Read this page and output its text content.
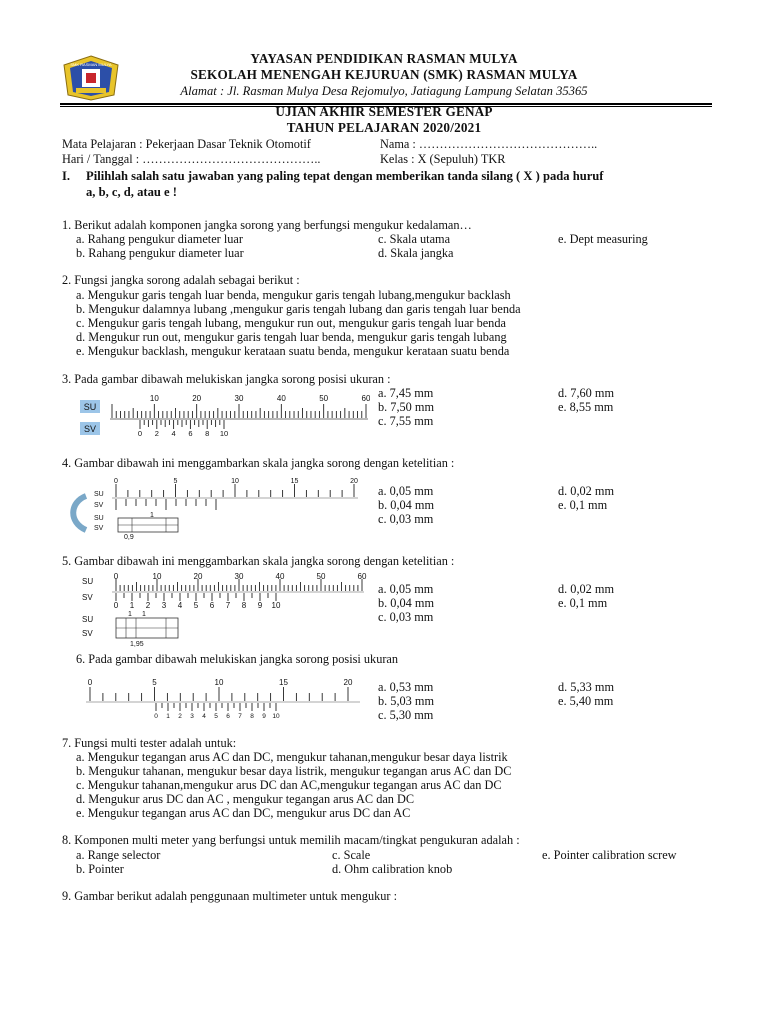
SMK RASMAN MULYA	YAYASAN PENDIDIKAN RASMAN MULYA
SEKOLAH MENENGAH KEJURUAN (SMK) RASMAN MULYA
Alamat : Jl. Rasman Mulya Desa Rejomulyo, Jatiagung Lampung Selatan 35365
UJIAN AKHIR SEMESTER GENAP
TAHUN PELAJARAN 2020/2021
Mata Pelajaran : Pekerjaan Dasar Teknik Otomotif	Nama : ……………………………………..
Hari / Tanggal : ……………………………………..	Kelas : X (Sepuluh) TKR
I. Pilihlah salah satu jawaban yang paling tepat dengan memberikan tanda silang ( X ) pada huruf
a, b, c, d, atau e !
1. Berikut adalah komponen jangka sorong yang berfungsi mengukur kedalaman…
a. Rahang pengukur diameter luar
b. Rahang pengukur diameter luar
c. Skala utama
d. Skala jangka
e. Dept measuring
2. Fungsi jangka sorong adalah sebagai berikut :
a. Mengukur garis tengah luar benda, mengukur garis tengah lubang,mengukur backlash
b. Mengukur dalamnya lubang ,mengukur garis tengah lubang dan garis tengah luar benda
c. Mengukur garis tengah lubang, mengukur run out, mengukur garis tengah luar benda
d. Mengukur run out, mengukur garis tengah luar benda, mengukur garis tengah lubang
e. Mengukur backlash, mengukur kerataan suatu benda, mengukur kerataan suatu benda
3. Pada gambar dibawah melukiskan jangka sorong posisi ukuran :
SU
SV
10	20	30	40	50	60
0 2 4 6 8 10
a. 7,45 mm
b. 7,50 mm
c. 7,55 mm
d. 7,60 mm
e. 8,55 mm
4. Gambar dibawah ini menggambarkan skala jangka sorong dengan ketelitian :
SU
SV
0	5	10	15	20
SU
SV
1
0,9
a. 0,05 mm
b. 0,04 mm
c. 0,03 mm
d. 0,02 mm
e. 0,1 mm
5. Gambar dibawah ini menggambarkan skala jangka sorong dengan ketelitian :
SU
SV
0	10	20	30	40	50	60
0 1 2 3 4 5 6 7 8 9 10
SU
SV
1 1
1,95
a. 0,05 mm
b. 0,04 mm
c. 0,03 mm
d. 0,02 mm
e. 0,1 mm
6. Pada gambar dibawah melukiskan jangka sorong posisi ukuran
0	5	10	15	20
0 1 2 3 4 5 6 7 8 9 10
a. 0,53 mm
b. 5,03 mm
c. 5,30 mm
d. 5,33 mm
e. 5,40 mm
7. Fungsi multi tester adalah untuk:
a. Mengukur tegangan arus AC dan DC, mengukur tahanan,mengukur besar daya listrik
b. Mengukur tahanan, mengukur besar daya listrik, mengukur tegangan arus AC dan DC
c. Mengukur tahanan,mengukur arus DC dan AC,mengukur tegangan arus AC dan DC
d. Mengukur arus DC dan AC , mengukur tegangan arus AC dan DC
e. Mengukur tegangan arus AC dan DC, mengukur arus DC dan AC
8. Komponen multi meter yang berfungsi untuk memilih macam/tingkat pengukuran adalah :
a. Range selector
b. Pointer
c. Scale
d. Ohm calibration knob
e. Pointer calibration screw
9. Gambar berikut adalah penggunaan multimeter untuk mengukur :
